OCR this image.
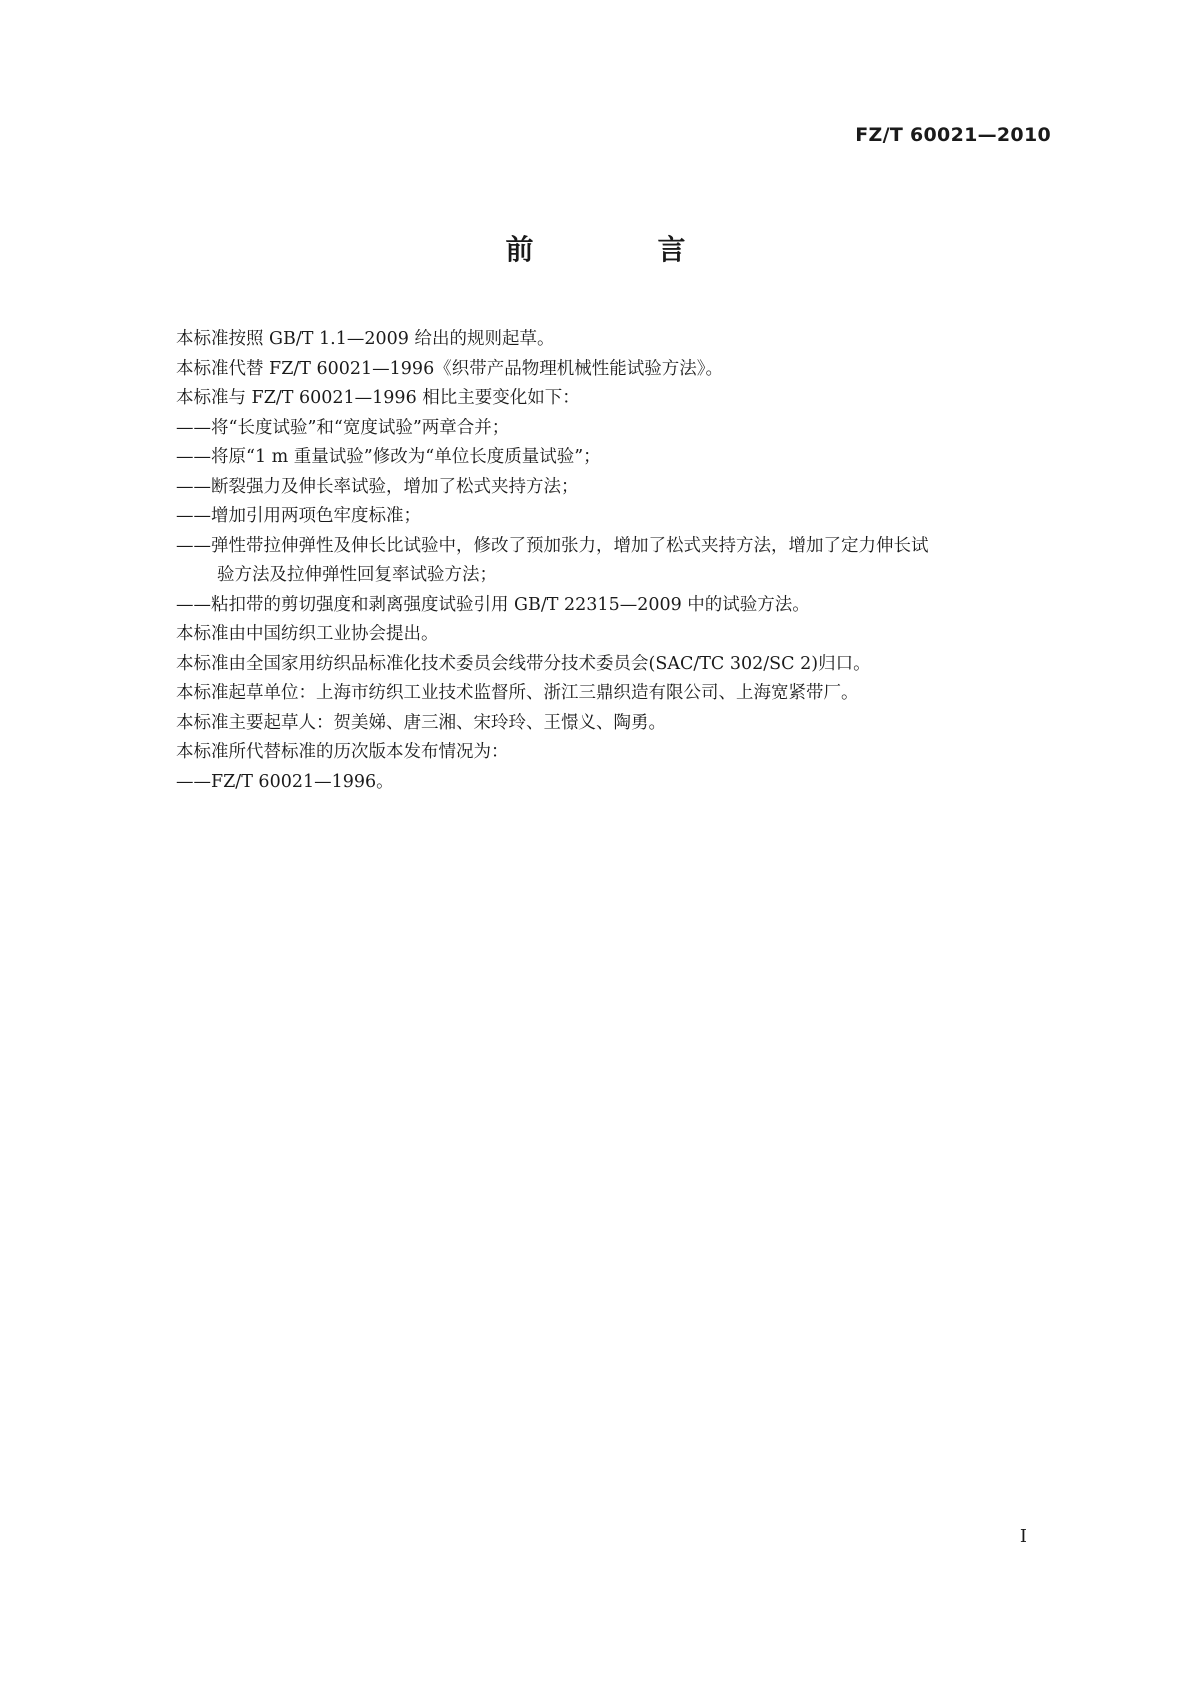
FZ/T 60021—2010
前　言

本标准按照 GB/T 1.1—2009 给出的规则起草。

本标准代替 FZ/T 60021—1996《织带产品物理机械性能试验方法》。

本标准与 FZ/T 60021—1996 相比主要变化如下：

——将“长度试验”和“宽度试验”两章合并；

——将原“1 m 重量试验”修改为“单位长度质量试验”；

——断裂强力及伸长率试验，增加了松式夹持方法；

——增加引用两项色牢度标准；

——弹性带拉伸弹性及伸长比试验中，修改了预加张力，增加了松式夹持方法，增加了定力伸长试

验方法及拉伸弹性回复率试验方法；

——粘扣带的剪切强度和剥离强度试验引用 GB/T 22315—2009 中的试验方法。

本标准由中国纺织工业协会提出。

本标准由全国家用纺织品标准化技术委员会线带分技术委员会(SAC/TC 302/SC 2)归口。

本标准起草单位：上海市纺织工业技术监督所、浙江三鼎织造有限公司、上海宽紧带厂。

本标准主要起草人：贺美娣、唐三湘、宋玲玲、王憬义、陶勇。

本标准所代替标准的历次版本发布情况为：

——FZ/T 60021—1996。

I
